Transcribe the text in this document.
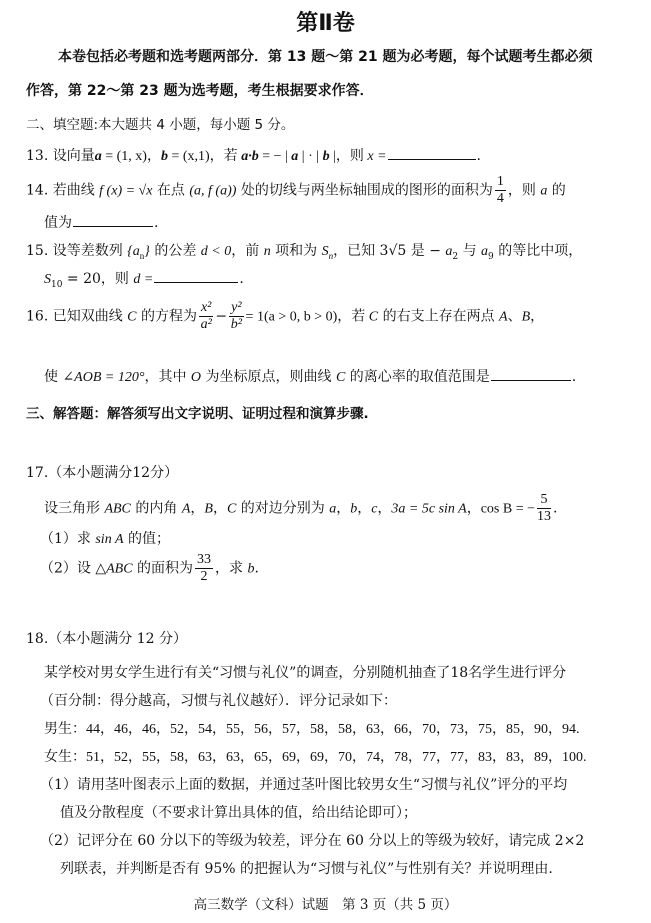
第Ⅱ卷
本卷包括必考题和选考题两部分．第 13 题～第 21 题为必考题，每个试题考生都必须
作答，第 22～第 23 题为选考题，考生根据要求作答．
二、填空题:本大题共 4 小题，每小题 5 分。
13. 设向量a = (1, x)，b = (x,1)，若 a·b = − | a | · | b |，则 x =	.
14. 若曲线 f (x) = √x 在点 (a, f (a)) 处的切线与两坐标轴围成的图形的面积为 $\frac{1}{4}$ ，则 a 的
值为	.
15. 设等差数列 $\{a_n\}$ 的公差 d < 0，前 n 项和为 $S_n$，已知 3√5 是 − $a_2$ 与 $a_9$ 的等比中项，
$S_{10} = 20$，则 d =	.
16. 已知双曲线 C 的方程为 $\frac{\text{x²}}{\text{a²}} - \frac{\text{y²}}{\text{b²}} = 1(a > 0$, b > 0)，若 C 的右支上存在两点 A、B，
使 ∠AOB = 120°，其中 O 为坐标原点，则曲线 C 的离心率的取值范围是	.
三、解答题：解答须写出文字说明、证明过程和演算步骤.
17.（本小题满分12分）
设三角形 ABC 的内角 A，B，C 的对边分别为 a，b，c，3a = 5c sin A，cos B = − $\frac{5}{13}$ .
（1）求 sin A 的值；
（2）设 △ABC 的面积为 $\frac{33}{2}$ ，求 b.
18.（本小题满分 12 分）
某学校对男女学生进行有关“习惯与礼仪”的调查，分别随机抽查了18名学生进行评分
（百分制：得分越高，习惯与礼仪越好）．评分记录如下：
男生：44，46，46，52，54，55，56，57，58，58，63，66，70，73，75，85，90，94.
女生：51，52，55，58，63，63，65，69，69，70，74，78，77，77，83，83，89，100.
（1）请用茎叶图表示上面的数据，并通过茎叶图比较男女生“习惯与礼仪”评分的平均
值及分散程度（不要求计算出具体的值，给出结论即可）；
（2）记评分在 60 分以下的等级为较差，评分在 60 分以上的等级为较好，请完成 2×2
列联表，并判断是否有 95% 的把握认为“习惯与礼仪”与性别有关？并说明理由.
高三数学（文科）试题　第 3 页（共 5 页）
